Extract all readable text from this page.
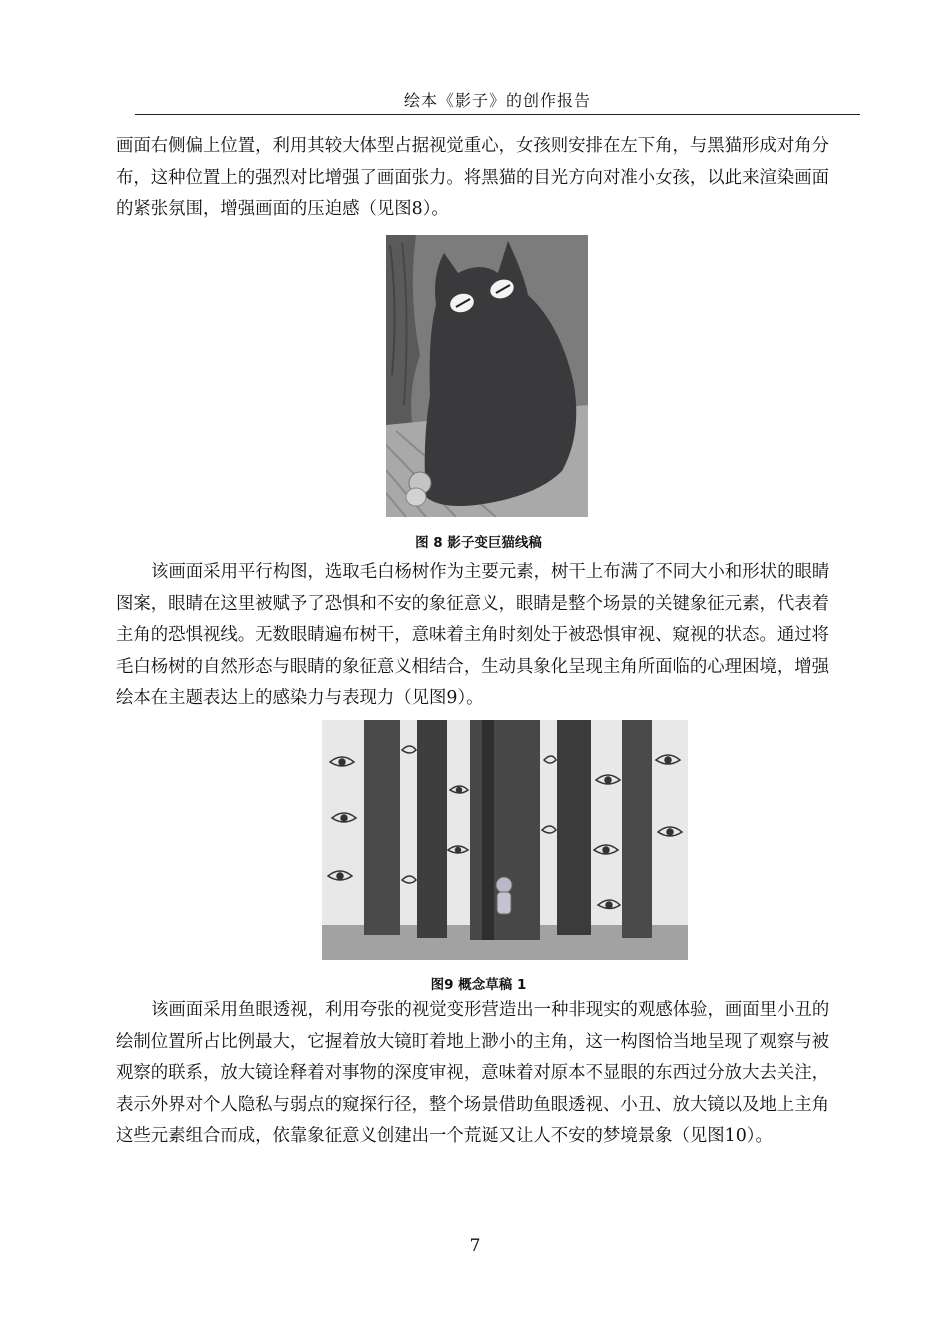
绘本《影子》的创作报告

画面右侧偏上位置，利用其较大体型占据视觉重心，女孩则安排在左下角，与黑猫形成对角分布，这种位置上的强烈对比增强了画面张力。将黑猫的目光方向对准小女孩，以此来渲染画面的紧张氛围，增强画面的压迫感（见图8）。

图 8 影子变巨猫线稿

该画面采用平行构图，选取毛白杨树作为主要元素，树干上布满了不同大小和形状的眼睛图案，眼睛在这里被赋予了恐惧和不安的象征意义，眼睛是整个场景的关键象征元素，代表着主角的恐惧视线。无数眼睛遍布树干，意味着主角时刻处于被恐惧审视、窥视的状态。通过将毛白杨树的自然形态与眼睛的象征意义相结合，生动具象化呈现主角所面临的心理困境，增强绘本在主题表达上的感染力与表现力（见图9）。

图9 概念草稿 1

该画面采用鱼眼透视，利用夸张的视觉变形营造出一种非现实的观感体验，画面里小丑的绘制位置所占比例最大，它握着放大镜盯着地上渺小的主角，这一构图恰当地呈现了观察与被观察的联系，放大镜诠释着对事物的深度审视，意味着对原本不显眼的东西过分放大去关注，表示外界对个人隐私与弱点的窥探行径，整个场景借助鱼眼透视、小丑、放大镜以及地上主角这些元素组合而成，依靠象征意义创建出一个荒诞又让人不安的梦境景象（见图10）。

7
